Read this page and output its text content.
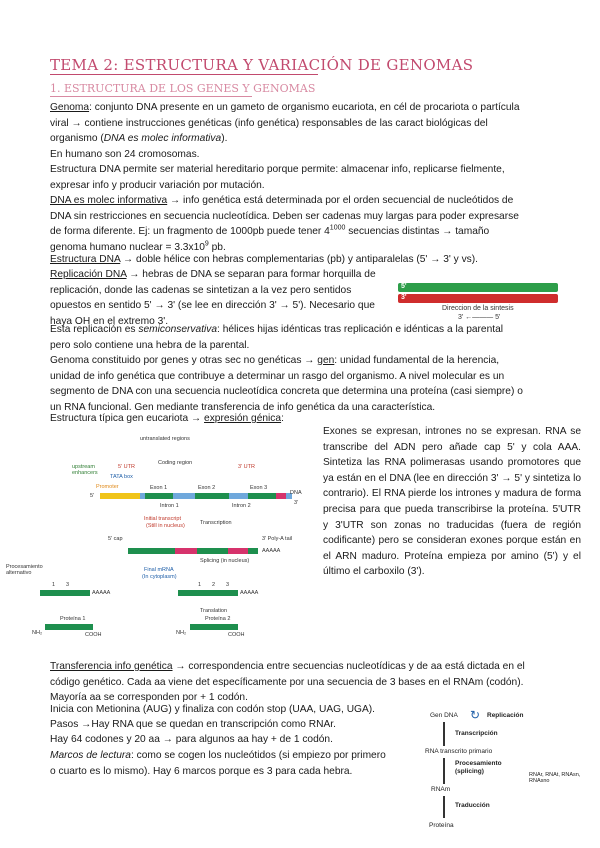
TEMA 2: ESTRUCTURA Y VARIACIÓN DE GENOMAS
1. ESTRUCTURA DE LOS GENES Y GENOMAS
Genoma: conjunto DNA presente en un gameto de organismo eucariota, en cél de procariota o partícula viral → contiene instrucciones genéticas (info genética) responsables de las caract biológicas del organismo (DNA es molec informativa).
En humano son 24 cromosomas.
Estructura DNA permite ser material hereditario porque permite: almacenar info, replicarse fielmente, expresar info y producir variación por mutación.
DNA es molec informativa → info genética está determinada por el orden secuencial de nucleótidos de DNA sin restricciones en secuencia nucleotídica. Deben ser cadenas muy largas para poder expresarse de forma diferente. Ej: un fragmento de 1000pb puede tener $4^{1000}$ secuencias distintas → tamaño genoma humano nuclear = $3.3x10^9$ pb.
Estructura DNA → doble hélice con hebras complementarias (pb) y antiparalelas (5' → 3' y vs).
Replicación DNA → hebras de DNA se separan para formar horquilla de replicación, donde las cadenas se sintetizan a la vez pero sentidos opuestos en sentido 5' → 3' (se lee en dirección 3' → 5'). Necesario que haya OH en el extremo 3'.
5'
3'
Direccion de la sintesis
3' ←——— 5'
Esta replicación es semiconservativa: hélices hijas idénticas tras replicación e idénticas a la parental pero solo contiene una hebra de la parental.
Genoma constituido por genes y otras sec no genéticas → gen: unidad fundamental de la herencia, unidad de info genética que contribuye a determinar un rasgo del organismo. A nivel molecular es un segmento de DNA con una secuencia nucleotídica concreta que determina una proteína (casi siempre) o un RNA funcional. Gen mediante transferencia de info genética da una característica.
Estructura típica gen eucariota → expresión génica:
untranslated regions
Coding region
5' UTR	3' UTR
upstream enhancers
TATA box
Promoter
5'
Exon 1	Exon 2	Exon 3
DNA
Intron 1	Intron 2
Initial transcript
(Still in nucleus)	Transcription
5' cap	3' Poly-A tail
AAAAA
Splicing (in nucleus)
Final mRNA
(In cytoplasm)
Procesamiento alternativo
AAAAA
AAAAA
Translation
Proteína 1	Proteína 2
NH₂	COOH	NH₂	COOH
1 2 3
1 3
3'
Exones se expresan, intrones no se expresan. RNA se transcribe del ADN pero añade cap 5' y cola AAA. Sintetiza las RNA polimerasas usando promotores que ya están en el DNA (lee en dirección 3' → 5' y sintetiza lo contrario). El RNA pierde los intrones y madura de forma precisa para que pueda transcribirse la proteína. 5'UTR y 3'UTR son zonas no traducidas (fuera de región codificante) pero se consideran exones porque están en el ARN maduro. Proteína empieza por amino (5') y el último el carboxilo (3').
Transferencia info genética → correspondencia entre secuencias nucleotídicas y de aa está dictada en el código genético. Cada aa viene det específicamente por una secuencia de 3 bases en el RNAm (codón). Mayoría aa se corresponden por + 1 codón.
Inicia con Metionina (AUG) y finaliza con codón stop (UAA, UAG, UGA).
Pasos →Hay RNA que se quedan en transcripción como RNAr.
Hay 64 codones y 20 aa → para algunos aa hay + de 1 codón.
Marcos de lectura: como se cogen los nucleótidos (si empiezo por primero o cuarto es lo mismo). Hay 6 marcos porque es 3 para cada hebra.
Gen DNA ↻ Replicación
Transcripción
RNA transcrito primario
Procesamiento
(splicing)	RNAr, RNAt, RNAsn, RNAsno
RNAm
Traducción
Proteína
